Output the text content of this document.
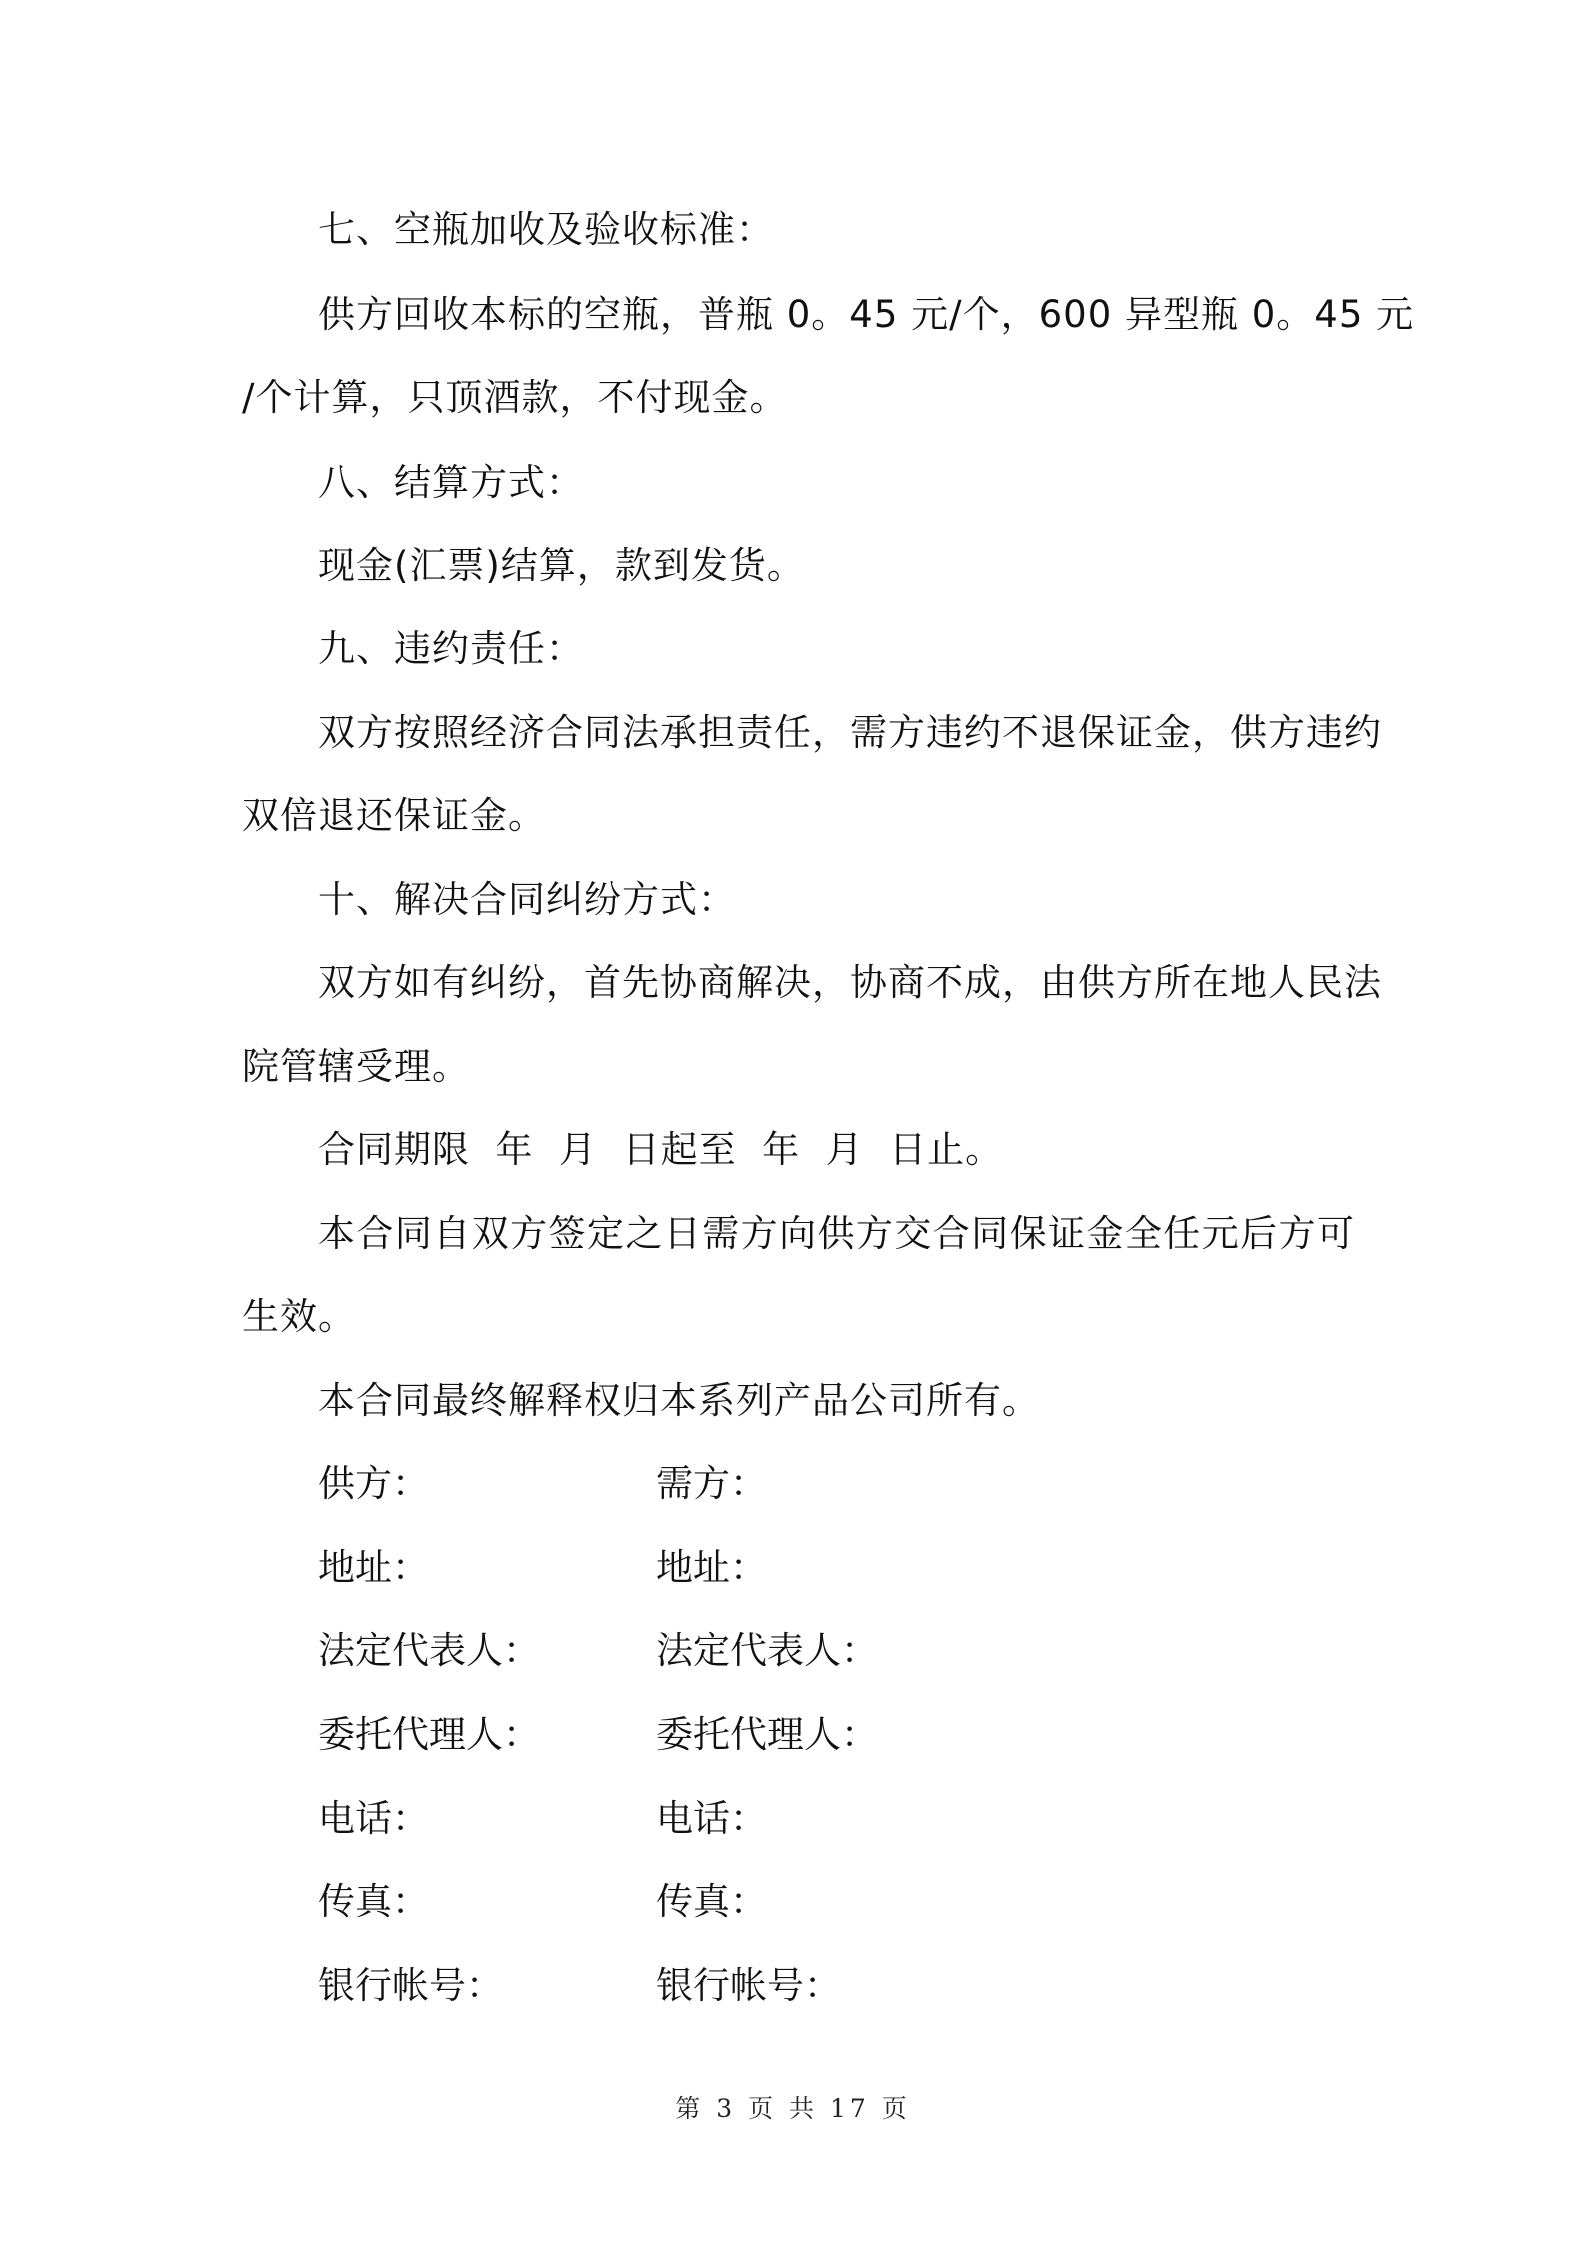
七、空瓶加收及验收标准：
供方回收本标的空瓶，普瓶 0。45 元/个，600 异型瓶 0。45 元
/个计算，只顶酒款，不付现金。
八、结算方式：
现金(汇票)结算，款到发货。
九、违约责任：
双方按照经济合同法承担责任，需方违约不退保证金，供方违约
双倍退还保证金。
十、解决合同纠纷方式：
双方如有纠纷，首先协商解决，协商不成，由供方所在地人民法
院管辖受理。
合同期限  年  月  日起至  年  月  日止。
本合同自双方签定之日需方向供方交合同保证金全任元后方可
生效。
本合同最终解释权归本系列产品公司所有。
供方：	需方：
地址：	地址：
法定代表人：	法定代表人：
委托代理人：	委托代理人：
电话：	电话：
传真：	传真：
银行帐号：	银行帐号：
第 3 页 共 17 页
